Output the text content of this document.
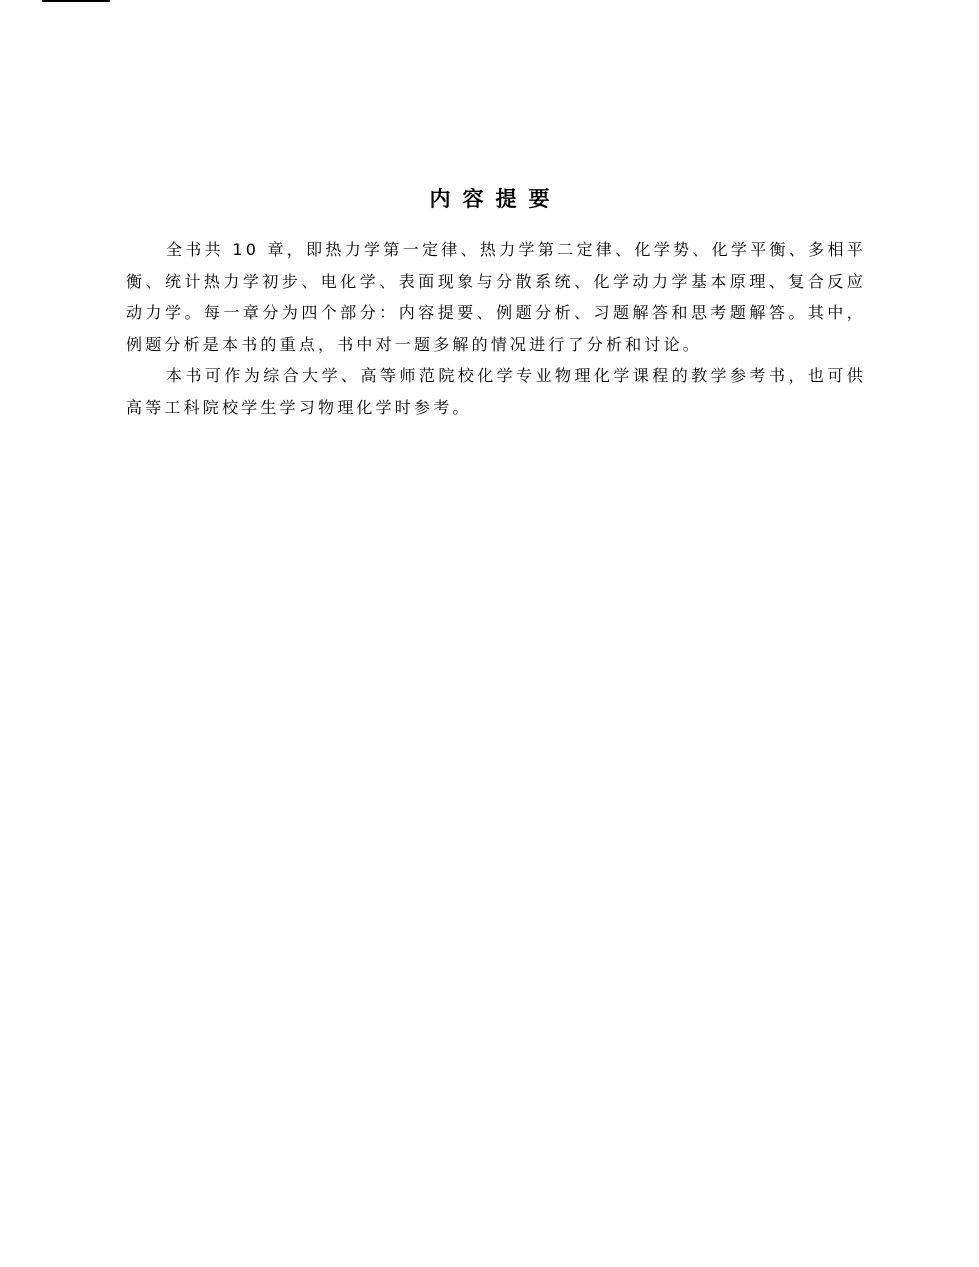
内容提要

全书共 10 章，即热力学第一定律、热力学第二定律、化学势、化学平衡、多相平衡、统计热力学初步、电化学、表面现象与分散系统、化学动力学基本原理、复合反应动力学。每一章分为四个部分：内容提要、例题分析、习题解答和思考题解答。其中，例题分析是本书的重点，书中对一题多解的情况进行了分析和讨论。

本书可作为综合大学、高等师范院校化学专业物理化学课程的教学参考书，也可供高等工科院校学生学习物理化学时参考。
